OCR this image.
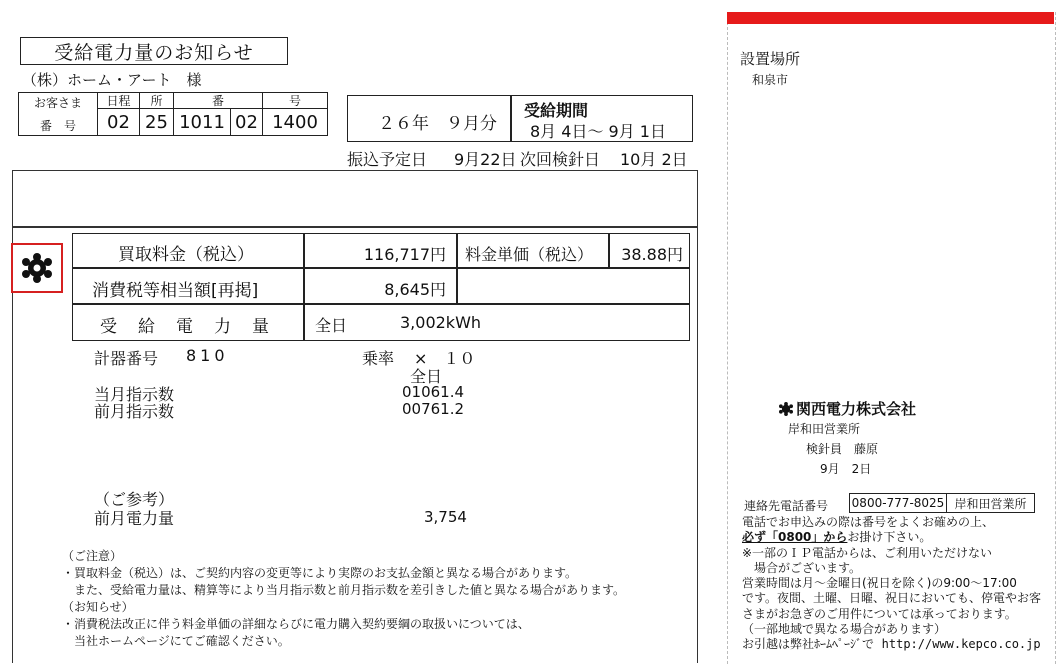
受給電力量のお知らせ
（株）ホーム・アート　様
お客さま
番　号
日程	所	番	号
02 25 1011 02 1400	２６年　９月分
受給期間
8月 4日～ 9月 1日
振込予定日 9月22日 次回検針日 10月 2日
買取料金（税込）	116,717円 料金単価（税込）	38.88円
消費税等相当額[再掲]	8,645円
受　給　電　力　量	全日	3,002kWh
計器番号 810	乗率 ×　１０
全日
当月指示数	01061.4
前月指示数	00761.2
（ご参考）
前月電力量	3,754
（ご注意）
・買取料金（税込）は、ご契約内容の変更等により実際のお支払金額と異なる場合があります。
　また、受給電力量は、精算等により当月指示数と前月指示数を差引きした値と異なる場合があります。
（お知らせ）
・消費税法改正に伴う料金単価の詳細ならびに電力購入契約要綱の取扱いについては、
　当社ホームページにてご確認ください。
設置場所
和泉市
関西電力株式会社
岸和田営業所
検針員　藤原
9月　2日
連絡先電話番号 0800-777-8025 岸和田営業所
電話でお申込みの際は番号をよくお確めの上、
必ず「0800」からお掛け下さい。
※一部のＩＰ電話からは、ご利用いただけない
　場合がございます。
営業時間は月～金曜日(祝日を除く)の9:00～17:00
です。夜間、土曜、日曜、祝日においても、停電やお客
さまがお急ぎのご用件については承っております。
（一部地域で異なる場合があります）
お引越は弊社ﾎｰﾑﾍﾟｰｼﾞで http://www.kepco.co.jp
